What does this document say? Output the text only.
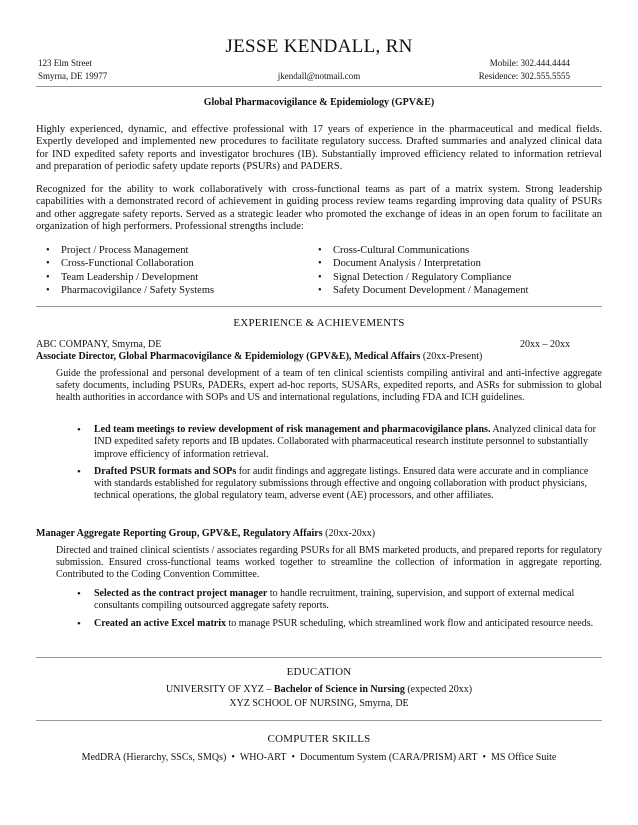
JESSE KENDALL, RN
123 Elm Street
Smyrna, DE 19977	jkendall@notmail.com
Mobile: 302.444.4444
Residence: 302.555.5555
Global Pharmacovigilance & Epidemiology (GPV&E)

Highly experienced, dynamic, and effective professional with 17 years of experience in the pharmaceutical and medical fields. Expertly developed and implemented new procedures to facilitate regulatory success. Drafted summaries and analyzed clinical data for IND expedited safety reports and investigator brochures (IB). Substantially improved efficiency related to information retrieval and preparation of periodic safety update reports (PSURs) and PADERS.

Recognized for the ability to work collaboratively with cross-functional teams as part of a matrix system. Strong leadership capabilities with a demonstrated record of achievement in guiding process review teams regarding improving data quality of PSURs and other aggregate safety reports. Served as a strategic leader who promoted the exchange of ideas in an open forum to facilitate an organization of high performers. Professional strengths include:

• Project / Process Management
• Cross-Functional Collaboration
• Team Leadership / Development
• Pharmacovigilance / Safety Systems
• Cross-Cultural Communications
• Document Analysis / Interpretation
• Signal Detection / Regulatory Compliance
• Safety Document Development / Management
EXPERIENCE & ACHIEVEMENTS
ABC COMPANY, Smyrna, DE	20xx – 20xx
Associate Director, Global Pharmacovigilance & Epidemiology (GPV&E), Medical Affairs (20xx-Present)

Guide the professional and personal development of a team of ten clinical scientists compiling antiviral and anti-infective aggregate safety documents, including PSURs, PADERs, expert ad-hoc reports, SUSARs, expedited reports, and ASRs for submission to global health authorities in accordance with SOPs and US and international regulations, including FDA and ICH guidelines.

• Led team meetings to review development of risk management and pharmacovigilance plans. Analyzed clinical data for IND expedited safety reports and IB updates. Collaborated with pharmaceutical research institute personnel to substantially improve efficiency of information retrieval.
• Drafted PSUR formats and SOPs for audit findings and aggregate listings. Ensured data were accurate and in compliance with standards established for regulatory submissions through effective and ongoing collaboration with product physicians, technical operations, the global regulatory team, adverse event (AE) processors, and other affiliates.
Manager Aggregate Reporting Group, GPV&E, Regulatory Affairs (20xx-20xx)

Directed and trained clinical scientists / associates regarding PSURs for all BMS marketed products, and prepared reports for regulatory submission. Ensured cross-functional teams worked together to streamline the collection of information in aggregate reporting. Contributed to the Coding Convention Committee.

• Selected as the contract project manager to handle recruitment, training, supervision, and support of external medical consultants compiling outsourced aggregate safety reports.
• Created an active Excel matrix to manage PSUR scheduling, which streamlined work flow and anticipated resource needs.
EDUCATION
UNIVERSITY OF XYZ – Bachelor of Science in Nursing (expected 20xx)
XYZ SCHOOL OF NURSING, Smyrna, DE
COMPUTER SKILLS
MedDRA (Hierarchy, SSCs, SMQs) • WHO-ART • Documentum System (CARA/PRISM) ART • MS Office Suite
